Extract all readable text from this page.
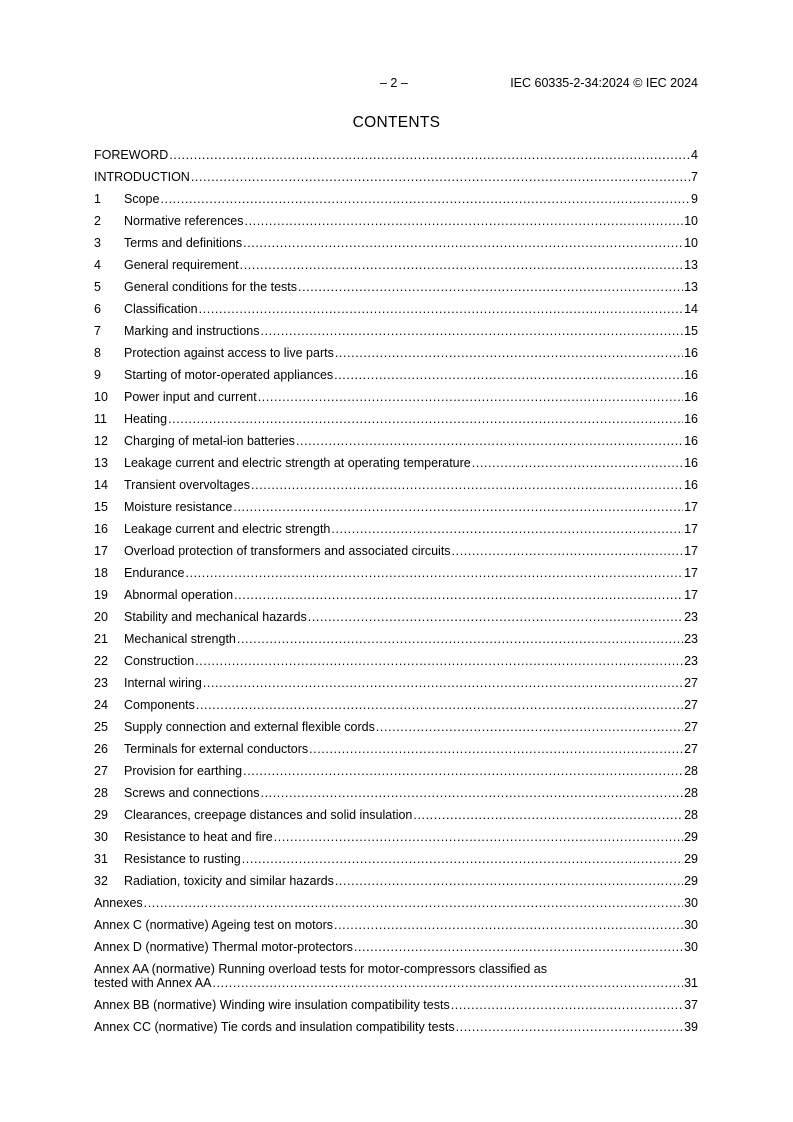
– 2 –	IEC 60335-2-34:2024 © IEC 2024
CONTENTS
FOREWORD .....	4
INTRODUCTION .....	7
1	Scope .....	9
2	Normative references .....	10
3	Terms and definitions .....	10
4	General requirement .....	13
5	General conditions for the tests .....	13
6	Classification .....	14
7	Marking and instructions .....	15
8	Protection against access to live parts .....	16
9	Starting of motor-operated appliances .....	16
10	Power input and current .....	16
11	Heating .....	16
12	Charging of metal-ion batteries .....	16
13	Leakage current and electric strength at operating temperature .....	16
14	Transient overvoltages .....	16
15	Moisture resistance .....	17
16	Leakage current and electric strength .....	17
17	Overload protection of transformers and associated circuits .....	17
18	Endurance .....	17
19	Abnormal operation .....	17
20	Stability and mechanical hazards .....	23
21	Mechanical strength .....	23
22	Construction .....	23
23	Internal wiring .....	27
24	Components .....	27
25	Supply connection and external flexible cords .....	27
26	Terminals for external conductors .....	27
27	Provision for earthing .....	28
28	Screws and connections .....	28
29	Clearances, creepage distances and solid insulation .....	28
30	Resistance to heat and fire .....	29
31	Resistance to rusting .....	29
32	Radiation, toxicity and similar hazards .....	29
Annexes .....	30
Annex C (normative) Ageing test on motors .....	30
Annex D (normative) Thermal motor-protectors .....	30
Annex AA (normative) Running overload tests for motor-compressors classified as
tested with Annex AA .....	31
Annex BB (normative) Winding wire insulation compatibility tests .....	37
Annex CC (normative) Tie cords and insulation compatibility tests .....	39
